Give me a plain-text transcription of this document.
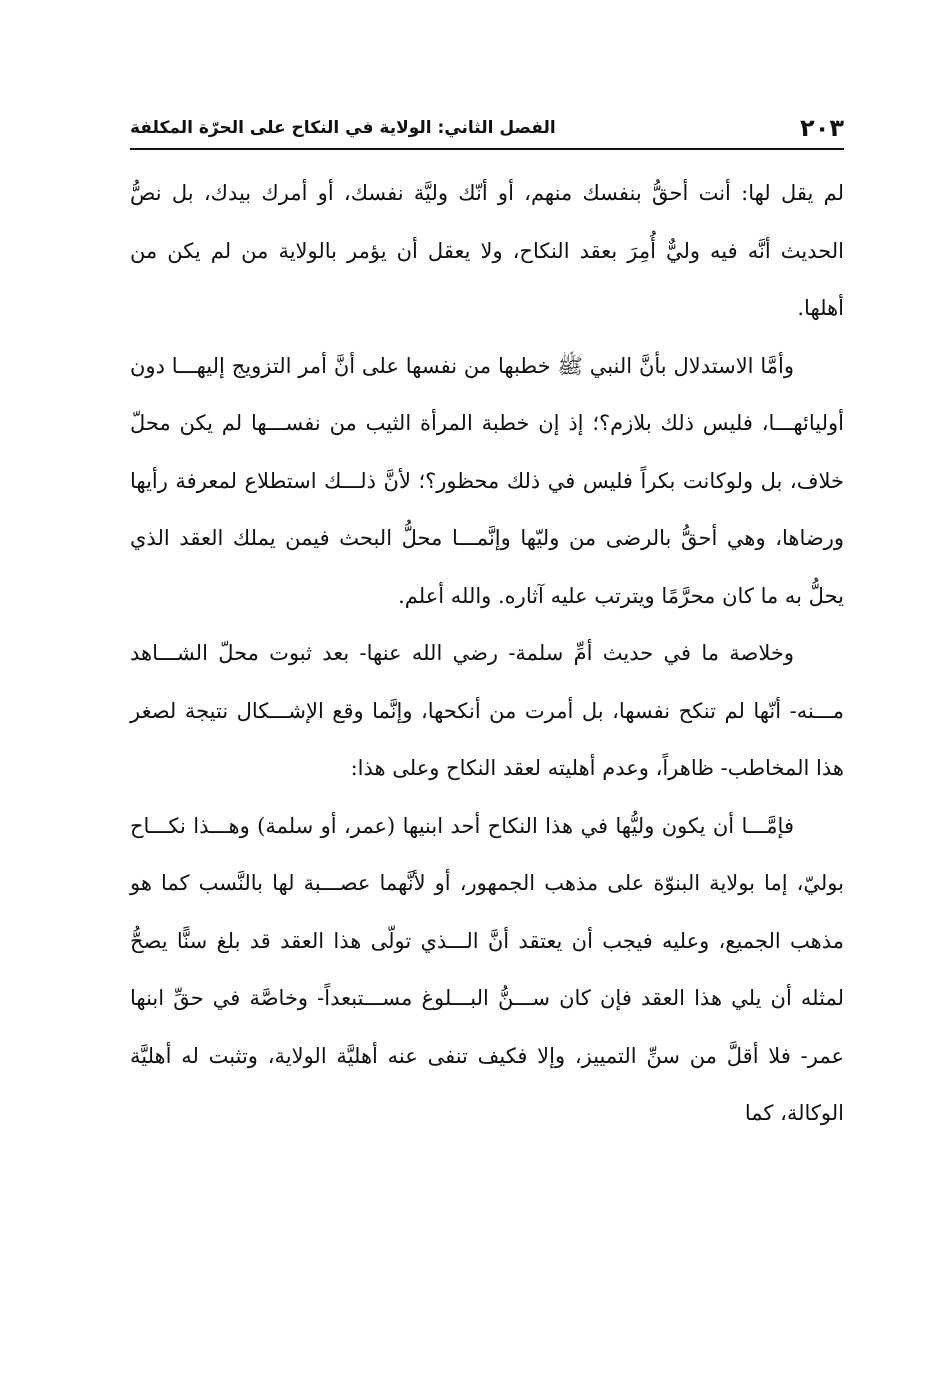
٢٠٣
الفصل الثاني: الولاية في النكاح على الحرّة المكلفة

لم يقل لها: أنت أحقُّ بنفسك منهم، أو أنّك وليَّة نفسك، أو أمرك بيدك، بل نصُّ الحديث أنَّه فيه وليٌّ أُمِرَ بعقد النكاح، ولا يعقل أن يؤمر بالولاية من لم يكن من أهلها.

وأمَّا الاستدلال بأنَّ النبي ﷺ خطبها من نفسها على أنَّ أمر التزويج إليهـــا دون أوليائهـــا، فليس ذلك بلازم؟؛ إذ إن خطبة المرأة الثيب من نفســـها لم يكن محلّ خلاف، بل ولوكانت بكراً فليس في ذلك محظور؟؛ لأنَّ ذلـــك استطلاع لمعرفة رأيها ورضاها، وهي أحقُّ بالرضى من وليّها وإنَّمـــا محلُّ البحث فيمن يملك العقد الذي يحلُّ به ما كان محرَّمًا ويترتب عليه آثاره. والله أعلم.

وخلاصة ما في حديث أمِّ سلمة- رضي الله عنها- بعد ثبوت محلّ الشـــاهد مـــنه- أنّها لم تنكح نفسها، بل أمرت من أنكحها، وإنَّما وقع الإشـــكال نتيجة لصغر هذا المخاطب- ظاهراً، وعدم أهليته لعقد النكاح وعلى هذا:

فإمَّـــا أن يكون وليُّها في هذا النكاح أحد ابنيها (عمر، أو سلمة) وهـــذا نكـــاح بوليّ، إما بولاية البنوّة على مذهب الجمهور، أو لأنَّهما عصـــبة لها بالنَّسب كما هو مذهب الجميع، وعليه فيجب أن يعتقد أنَّ الـــذي تولّى هذا العقد قد بلغ سنًّا يصحُّ لمثله أن يلي هذا العقد فإن كان ســـنُّ البـــلوغ مســـتبعداً- وخاصَّة في حقِّ ابنها عمر- فلا أقلَّ من سنِّ التمييز، وإلا فكيف تنفى عنه أهليَّة الولاية، وتثبت له أهليَّة الوكالة، كما
